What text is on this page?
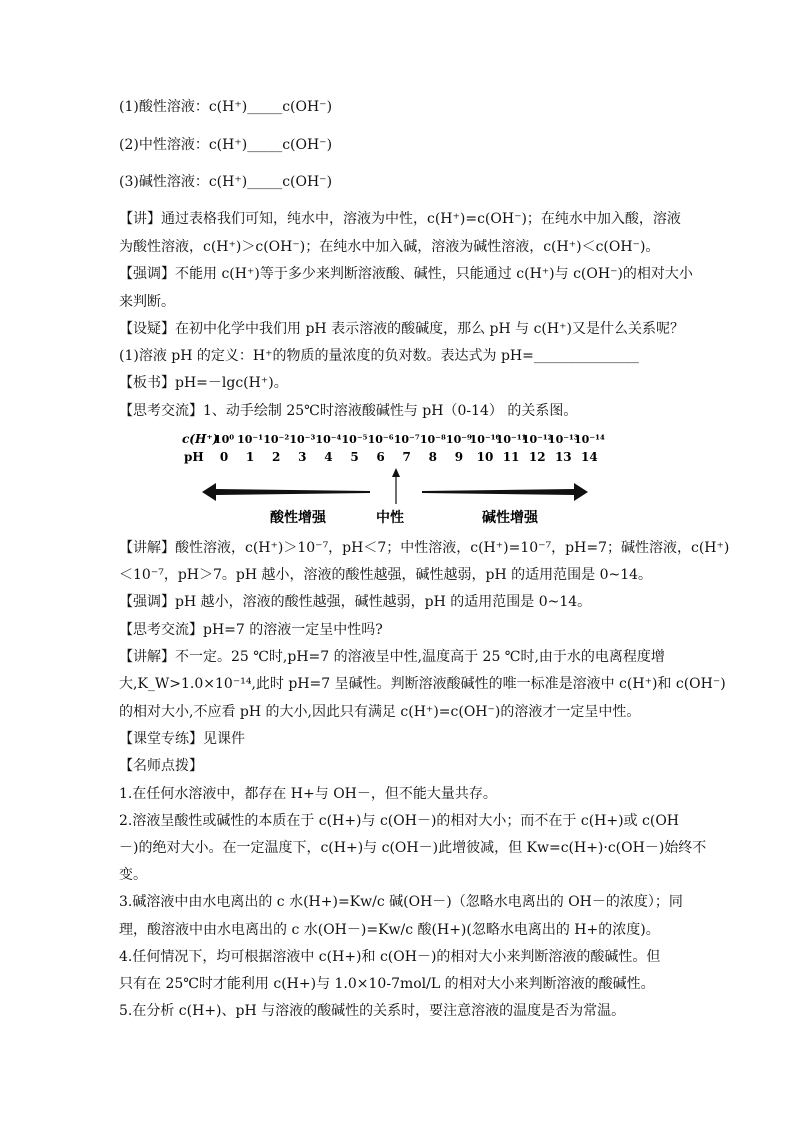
(1)酸性溶液：c(H⁺)_____c(OH⁻)
(2)中性溶液：c(H⁺)_____c(OH⁻)
(3)碱性溶液：c(H⁺)_____c(OH⁻)
【讲】通过表格我们可知，纯水中，溶液为中性，c(H⁺)=c(OH⁻)；在纯水中加入酸，溶液
为酸性溶液，c(H⁺)＞c(OH⁻)；在纯水中加入碱，溶液为碱性溶液，c(H⁺)＜c(OH⁻)。
【强调】不能用 c(H⁺)等于多少来判断溶液酸、碱性，只能通过 c(H⁺)与 c(OH⁻)的相对大小
来判断。
【设疑】在初中化学中我们用 pH 表示溶液的酸碱度，那么 pH 与 c(H⁺)又是什么关系呢？
(1)溶液 pH 的定义：H⁺的物质的量浓度的负对数。表达式为 pH=_______________
【板书】pH=－lgc(H⁺)。
【思考交流】1、动手绘制 25℃时溶液酸碱性与 pH（0-14） 的关系图。
c(H⁺)
pH
10⁰ 10⁻¹ 10⁻² 10⁻³ 10⁻⁴ 10⁻⁵ 10⁻⁶ 10⁻⁷ 10⁻⁸ 10⁻⁹
10⁻¹⁰
10⁻¹¹
10⁻¹²
10⁻¹³
10⁻¹⁴
0 1 2 3 4 5 6 7 8 9 10 11 12 13 14
酸性增强	中性	碱性增强
【讲解】酸性溶液，c(H⁺)＞10⁻⁷，pH＜7；中性溶液，c(H⁺)=10⁻⁷，pH=7；碱性溶液，c(H⁺)
＜10⁻⁷，pH＞7。pH 越小，溶液的酸性越强，碱性越弱，pH 的适用范围是 0~14。
【强调】pH 越小，溶液的酸性越强，碱性越弱，pH 的适用范围是 0~14。
【思考交流】pH=7 的溶液一定呈中性吗?
【讲解】不一定。25 ℃时,pH=7 的溶液呈中性,温度高于 25 ℃时,由于水的电离程度增
大,K_W>1.0×10⁻¹⁴,此时 pH=7 呈碱性。判断溶液酸碱性的唯一标准是溶液中 c(H⁺)和 c(OH⁻)
的相对大小,不应看 pH 的大小,因此只有满足 c(H⁺)=c(OH⁻)的溶液才一定呈中性。
【课堂专练】见课件
【名师点拨】
1.在任何水溶液中，都存在 H+与 OH－，但不能大量共存。
2.溶液呈酸性或碱性的本质在于 c(H+)与 c(OH－)的相对大小；而不在于 c(H+)或 c(OH
－)的绝对大小。在一定温度下，c(H+)与 c(OH－)此增彼减，但 Kw=c(H+)·c(OH－)始终不
变。
3.碱溶液中由水电离出的 c 水(H+)=Kw/c 碱(OH－)（忽略水电离出的 OH－的浓度）；同
理，酸溶液中由水电离出的 c 水(OH－)=Kw/c 酸(H+)(忽略水电离出的 H+的浓度)。
4.任何情况下，均可根据溶液中 c(H+)和 c(OH－)的相对大小来判断溶液的酸碱性。但
只有在 25℃时才能利用 c(H+)与 1.0×10-7mol/L 的相对大小来判断溶液的酸碱性。
5.在分析 c(H+)、pH 与溶液的酸碱性的关系时，要注意溶液的温度是否为常温。
